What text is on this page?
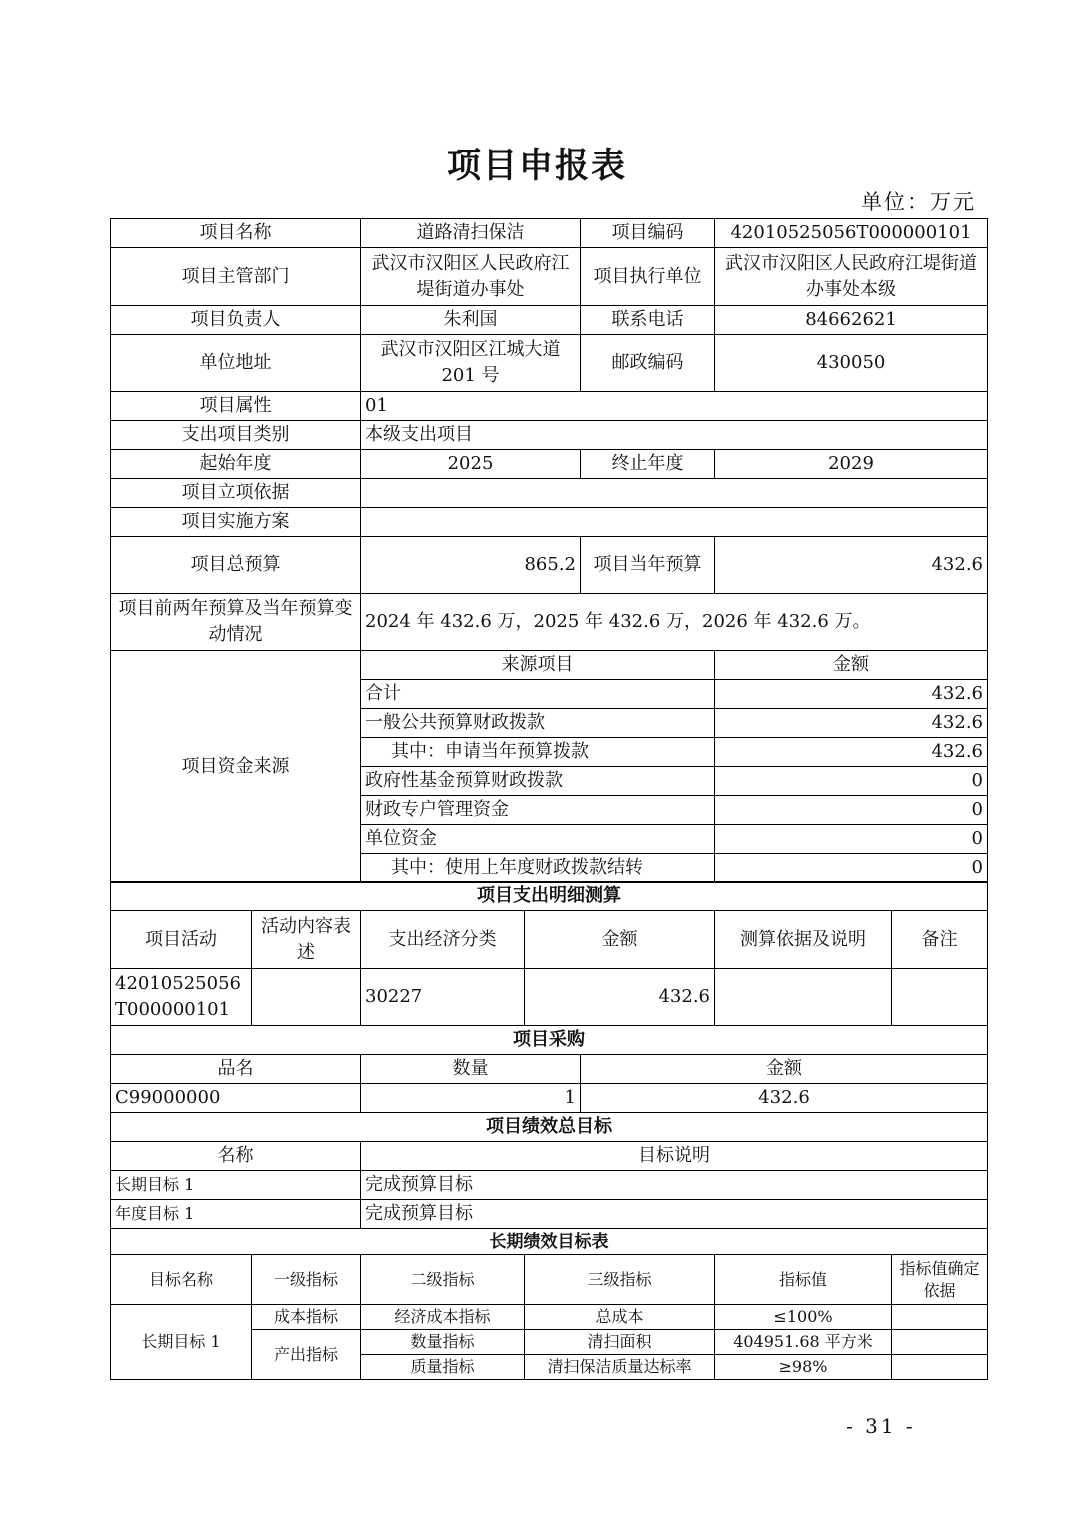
项目申报表
单位：万元
项目名称	道路清扫保洁	项目编码	42010525056T000000101
项目主管部门	武汉市汉阳区人民政府江堤街道办事处	项目执行单位	武汉市汉阳区人民政府江堤街道办事处本级
项目负责人	朱利国	联系电话	84662621
单位地址	武汉市汉阳区江城大道 201 号	邮政编码	430050
项目属性	01		
支出项目类别	本级支出项目		
起始年度	2025	终止年度	2029
项目立项依据			
项目实施方案			
项目总预算	865.2	项目当年预算	432.6
项目前两年预算及当年预算变动情况	2024 年 432.6 万，2025 年 432.6 万，2026 年 432.6 万。		
项目资金来源	来源项目		金额
	合计		432.6
	一般公共预算财政拨款		432.6
	其中：申请当年预算拨款		432.6
	政府性基金预算财政拨款		0
	财政专户管理资金		0
	单位资金		0
	其中：使用上年度财政拨款结转		0
项目支出明细测算					
项目活动	活动内容表述	支出经济分类	金额	测算依据及说明	备注
42010525056T000000101		30227	432.6		
项目采购		
品名	数量	金额
C99000000	1	432.6
项目绩效总目标		
名称	目标说明	
长期目标 1	完成预算目标	
年度目标 1	完成预算目标	
长期绩效目标表					
目标名称	一级指标	二级指标	三级指标	指标值	指标值确定依据
长期目标 1	成本指标	经济成本指标	总成本	≤100%	
	产出指标	数量指标	清扫面积	404951.68 平方米	
		质量指标	清扫保洁质量达标率	≥98%	
- 31 -
